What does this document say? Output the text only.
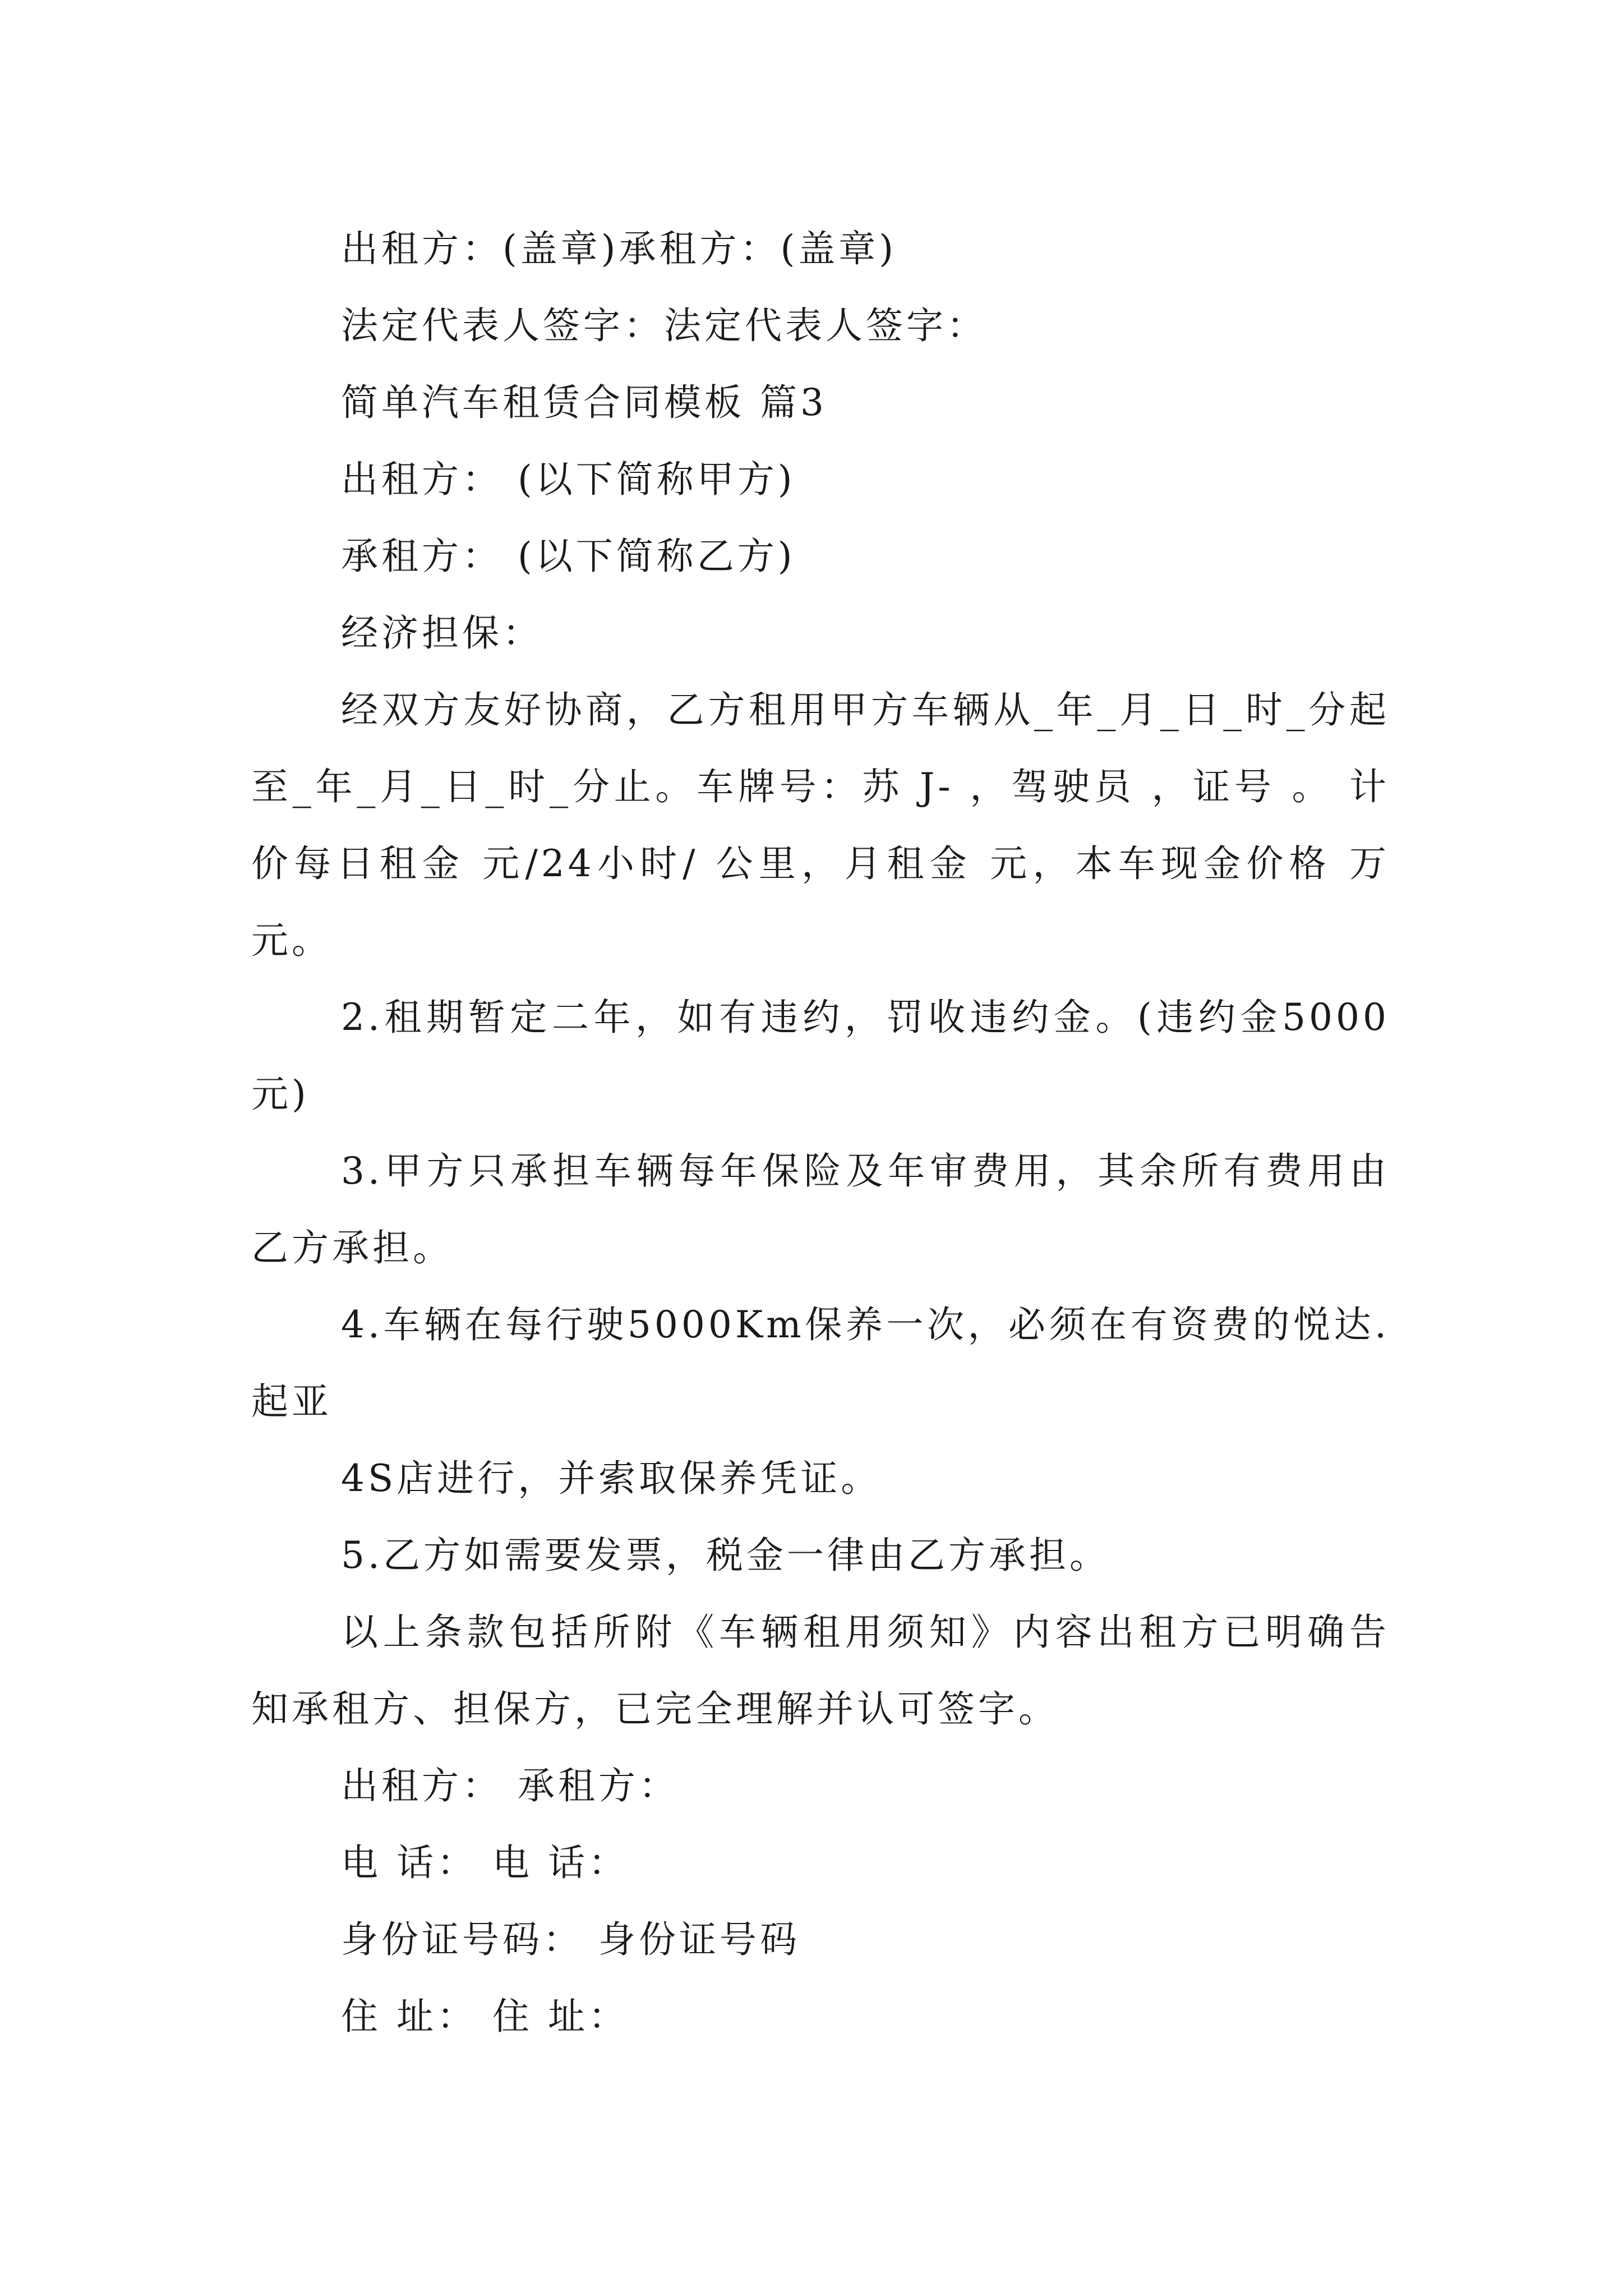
出租方：(盖章)承租方：(盖章)

法定代表人签字：法定代表人签字：

简单汽车租赁合同模板 篇3

出租方： (以下简称甲方)

承租方： (以下简称乙方)

经济担保：

经双方友好协商，乙方租用甲方车辆从_年_月_日_时_分起至_年_月_日_时_分止。车牌号：苏 J- ，驾驶员 ，证号 。 计价每日租金 元/24小时/ 公里，月租金 元，本车现金价格 万元。

2.租期暂定二年，如有违约，罚收违约金。(违约金5000元)

3.甲方只承担车辆每年保险及年审费用，其余所有费用由乙方承担。

4.车辆在每行驶5000Km保养一次，必须在有资费的悦达.起亚

4S店进行，并索取保养凭证。

5.乙方如需要发票，税金一律由乙方承担。

以上条款包括所附《车辆租用须知》内容出租方已明确告知承租方、担保方，已完全理解并认可签字。

出租方： 承租方：

电 话： 电 话：

身份证号码： 身份证号码

住 址： 住 址：
